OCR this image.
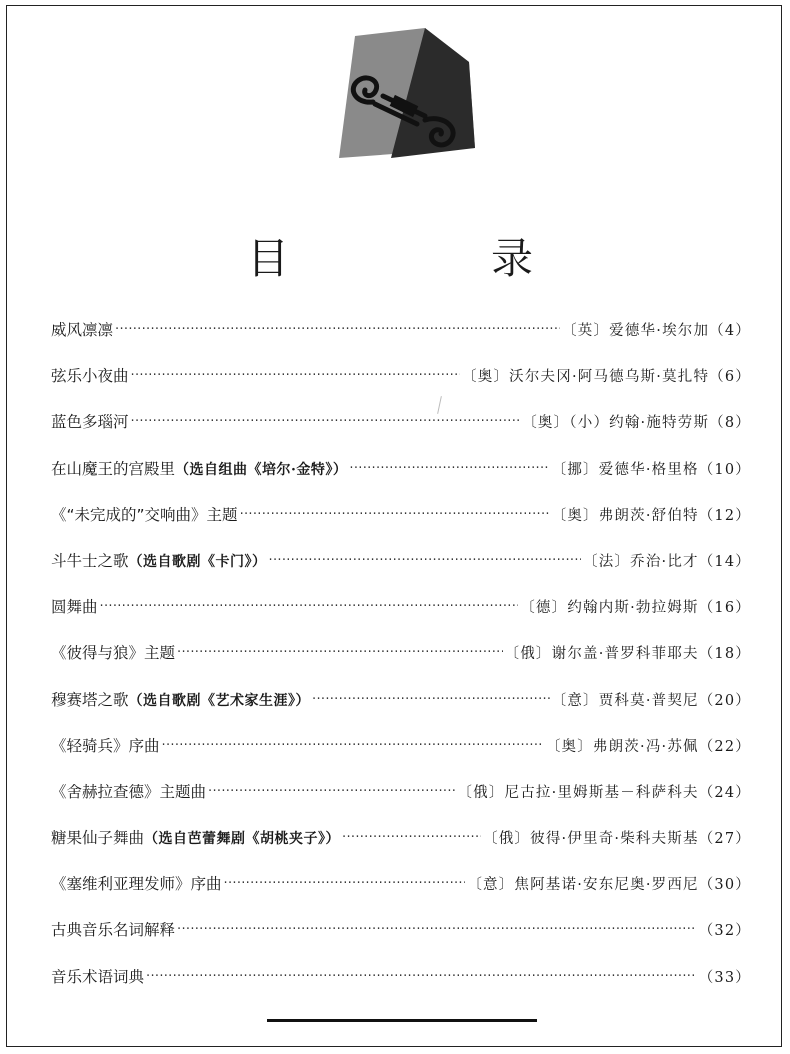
目　录
威风凛凛 ·····	〔英〕爱德华·埃尔加 （4）
弦乐小夜曲 ·····	〔奥〕沃尔夫冈·阿马德乌斯·莫扎特 （6）
蓝色多瑙河 ·····	〔奥〕（小）约翰·施特劳斯 （8）
在山魔王的宫殿里（选自组曲《培尔·金特》） ·····	〔挪〕爱德华·格里格 （10）
《“未完成的”交响曲》主题 ·····	〔奥〕弗朗茨·舒伯特 （12）
斗牛士之歌（选自歌剧《卡门》） ·····	〔法〕乔治·比才 （14）
圆舞曲 ·····	〔德〕约翰内斯·勃拉姆斯 （16）
《彼得与狼》主题 ·····	〔俄〕谢尔盖·普罗科菲耶夫 （18）
穆赛塔之歌（选自歌剧《艺术家生涯》） ·····	〔意〕贾科莫·普契尼 （20）
《轻骑兵》序曲 ·····	〔奥〕弗朗茨·冯·苏佩 （22）
《舍赫拉查德》主题曲 ·····	〔俄〕尼古拉·里姆斯基－科萨科夫 （24）
糖果仙子舞曲（选自芭蕾舞剧《胡桃夹子》） ·····	〔俄〕彼得·伊里奇·柴科夫斯基 （27）
《塞维利亚理发师》序曲 ·····	〔意〕焦阿基诺·安东尼奥·罗西尼 （30）
古典音乐名词解释 ·····	（32）
音乐术语词典 ·····	（33）
